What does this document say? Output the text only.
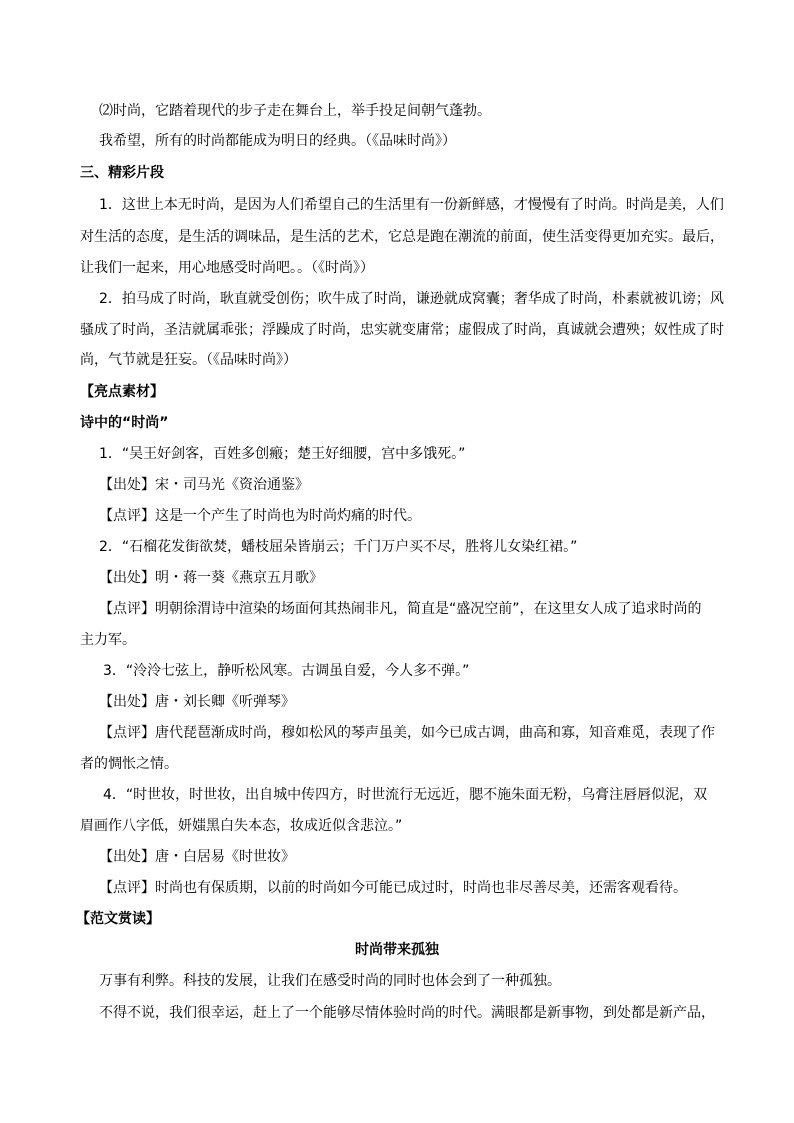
⑵时尚，它踏着现代的步子走在舞台上，举手投足间朝气蓬勃。
我希望，所有的时尚都能成为明日的经典。（《品味时尚》）
三、精彩片段
1．这世上本无时尚，是因为人们希望自己的生活里有一份新鲜感，才慢慢有了时尚。时尚是美，人们
对生活的态度，是生活的调味品，是生活的艺术，它总是跑在潮流的前面，使生活变得更加充实。最后，
让我们一起来，用心地感受时尚吧。。（《时尚》）
2．拍马成了时尚，耿直就受创伤；吹牛成了时尚，谦逊就成窝囊；奢华成了时尚，朴素就被讥谤；风
骚成了时尚，圣洁就属乖张；浮躁成了时尚，忠实就变庸常；虚假成了时尚，真诚就会遭殃；奴性成了时
尚，气节就是狂妄。（《品味时尚》）
【亮点素材】
诗中的“时尚”
1．“吴王好剑客，百姓多创瘢；楚王好细腰，宫中多饿死。”
【出处】宋・司马光《资治通鉴》
【点评】这是一个产生了时尚也为时尚灼痛的时代。
2．“石榴花发街欲焚，蟠枝屈朵皆崩云；千门万户买不尽，胜将儿女染红裙。”
【出处】明・蒋一葵《燕京五月歌》
【点评】明朝徐渭诗中渲染的场面何其热闹非凡，简直是“盛况空前”，在这里女人成了追求时尚的
主力军。
3．“泠泠七弦上，静听松风寒。古调虽自爱，今人多不弹。”
【出处】唐・刘长卿《听弹琴》
【点评】唐代琵琶渐成时尚，穆如松风的琴声虽美，如今已成古调，曲高和寡，知音难觅，表现了作
者的惆怅之情。
4．“时世妆，时世妆，出自城中传四方，时世流行无远近，腮不施朱面无粉，乌膏注唇唇似泥，双
眉画作八字低，妍媸黑白失本态，妆成近似含悲泣。”
【出处】唐・白居易《时世妆》
【点评】时尚也有保质期，以前的时尚如今可能已成过时，时尚也非尽善尽美，还需客观看待。
【范文赏读】
时尚带来孤独
万事有利弊。科技的发展，让我们在感受时尚的同时也体会到了一种孤独。
不得不说，我们很幸运，赶上了一个能够尽情体验时尚的时代。满眼都是新事物，到处都是新产品，
